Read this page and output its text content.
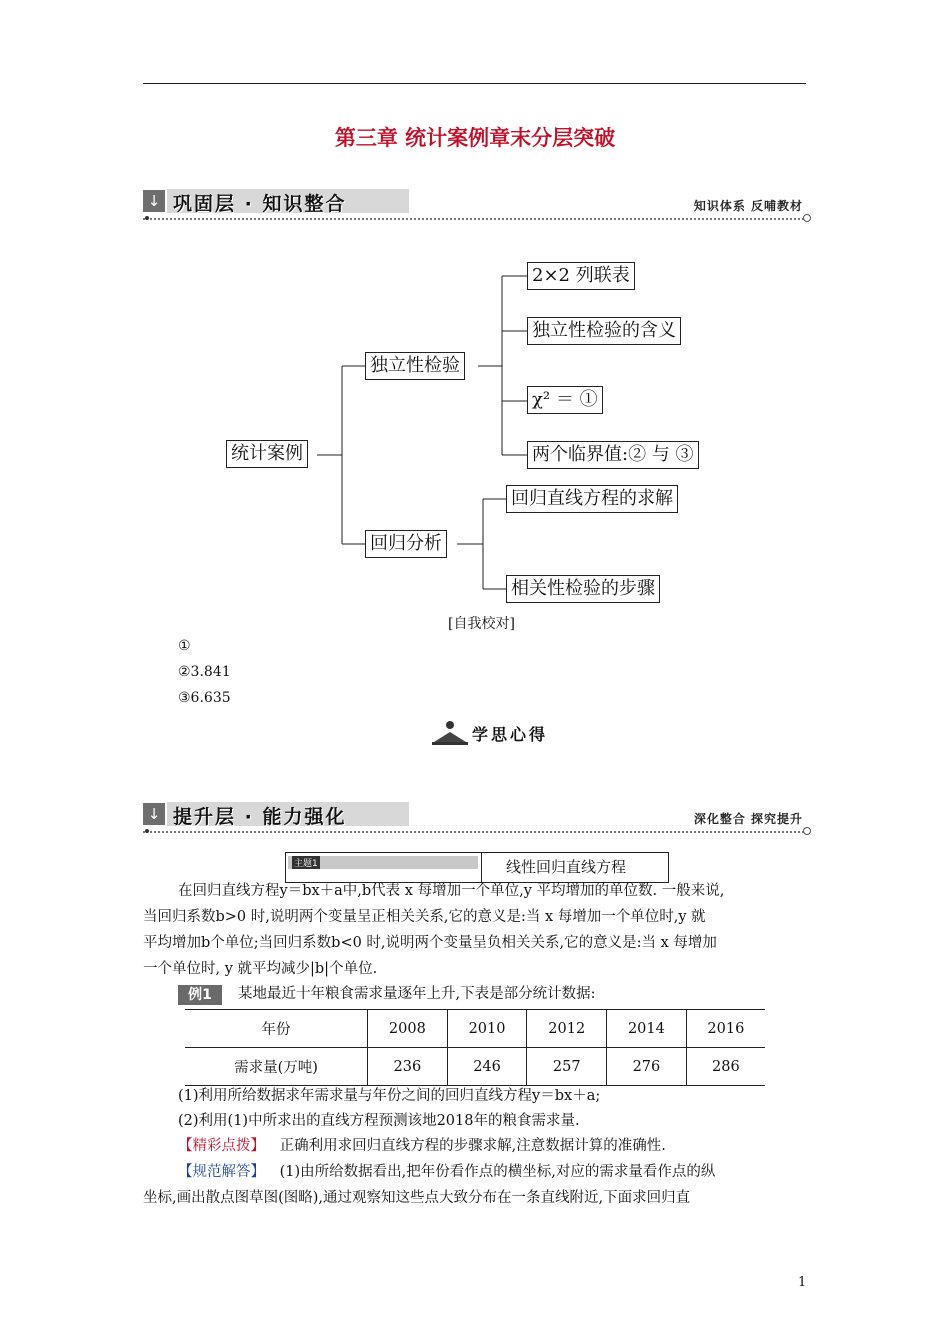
第三章 统计案例章末分层突破
↓ 巩固层 · 知识整合	知识体系 反哺教材
统计案例
独立性检验
回归分析
2×2 列联表
独立性检验的含义
χ² ＝ ①
两个临界值:② 与 ③
回归直线方程的求解
相关性检验的步骤
[自我校对]
①
②3.841
③6.635
学思心得
↓ 提升层 · 能力强化	深化整合 探究提升
主题1	线性回归直线方程
在回归直线方程y＝bx＋a中,b代表 x 每增加一个单位,y 平均增加的单位数. 一般来说,
当回归系数b>0 时,说明两个变量呈正相关关系,它的意义是:当 x 每增加一个单位时,y 就
平均增加b个单位;当回归系数b<0 时,说明两个变量呈负相关关系,它的意义是:当 x 每增加
一个单位时, y 就平均减少|b|个单位.
例1	某地最近十年粮食需求量逐年上升,下表是部分统计数据:
年份	2008	2010	2012	2014	2016
需求量(万吨)	236	246	257	276	286
(1)利用所给数据求年需求量与年份之间的回归直线方程y＝bx＋a;
(2)利用(1)中所求出的直线方程预测该地2018年的粮食需求量.
【精彩点拨】 正确利用求回归直线方程的步骤求解,注意数据计算的准确性.
【规范解答】 (1)由所给数据看出,把年份看作点的横坐标,对应的需求量看作点的纵
坐标,画出散点图草图(图略),通过观察知这些点大致分布在一条直线附近,下面求回归直
1
